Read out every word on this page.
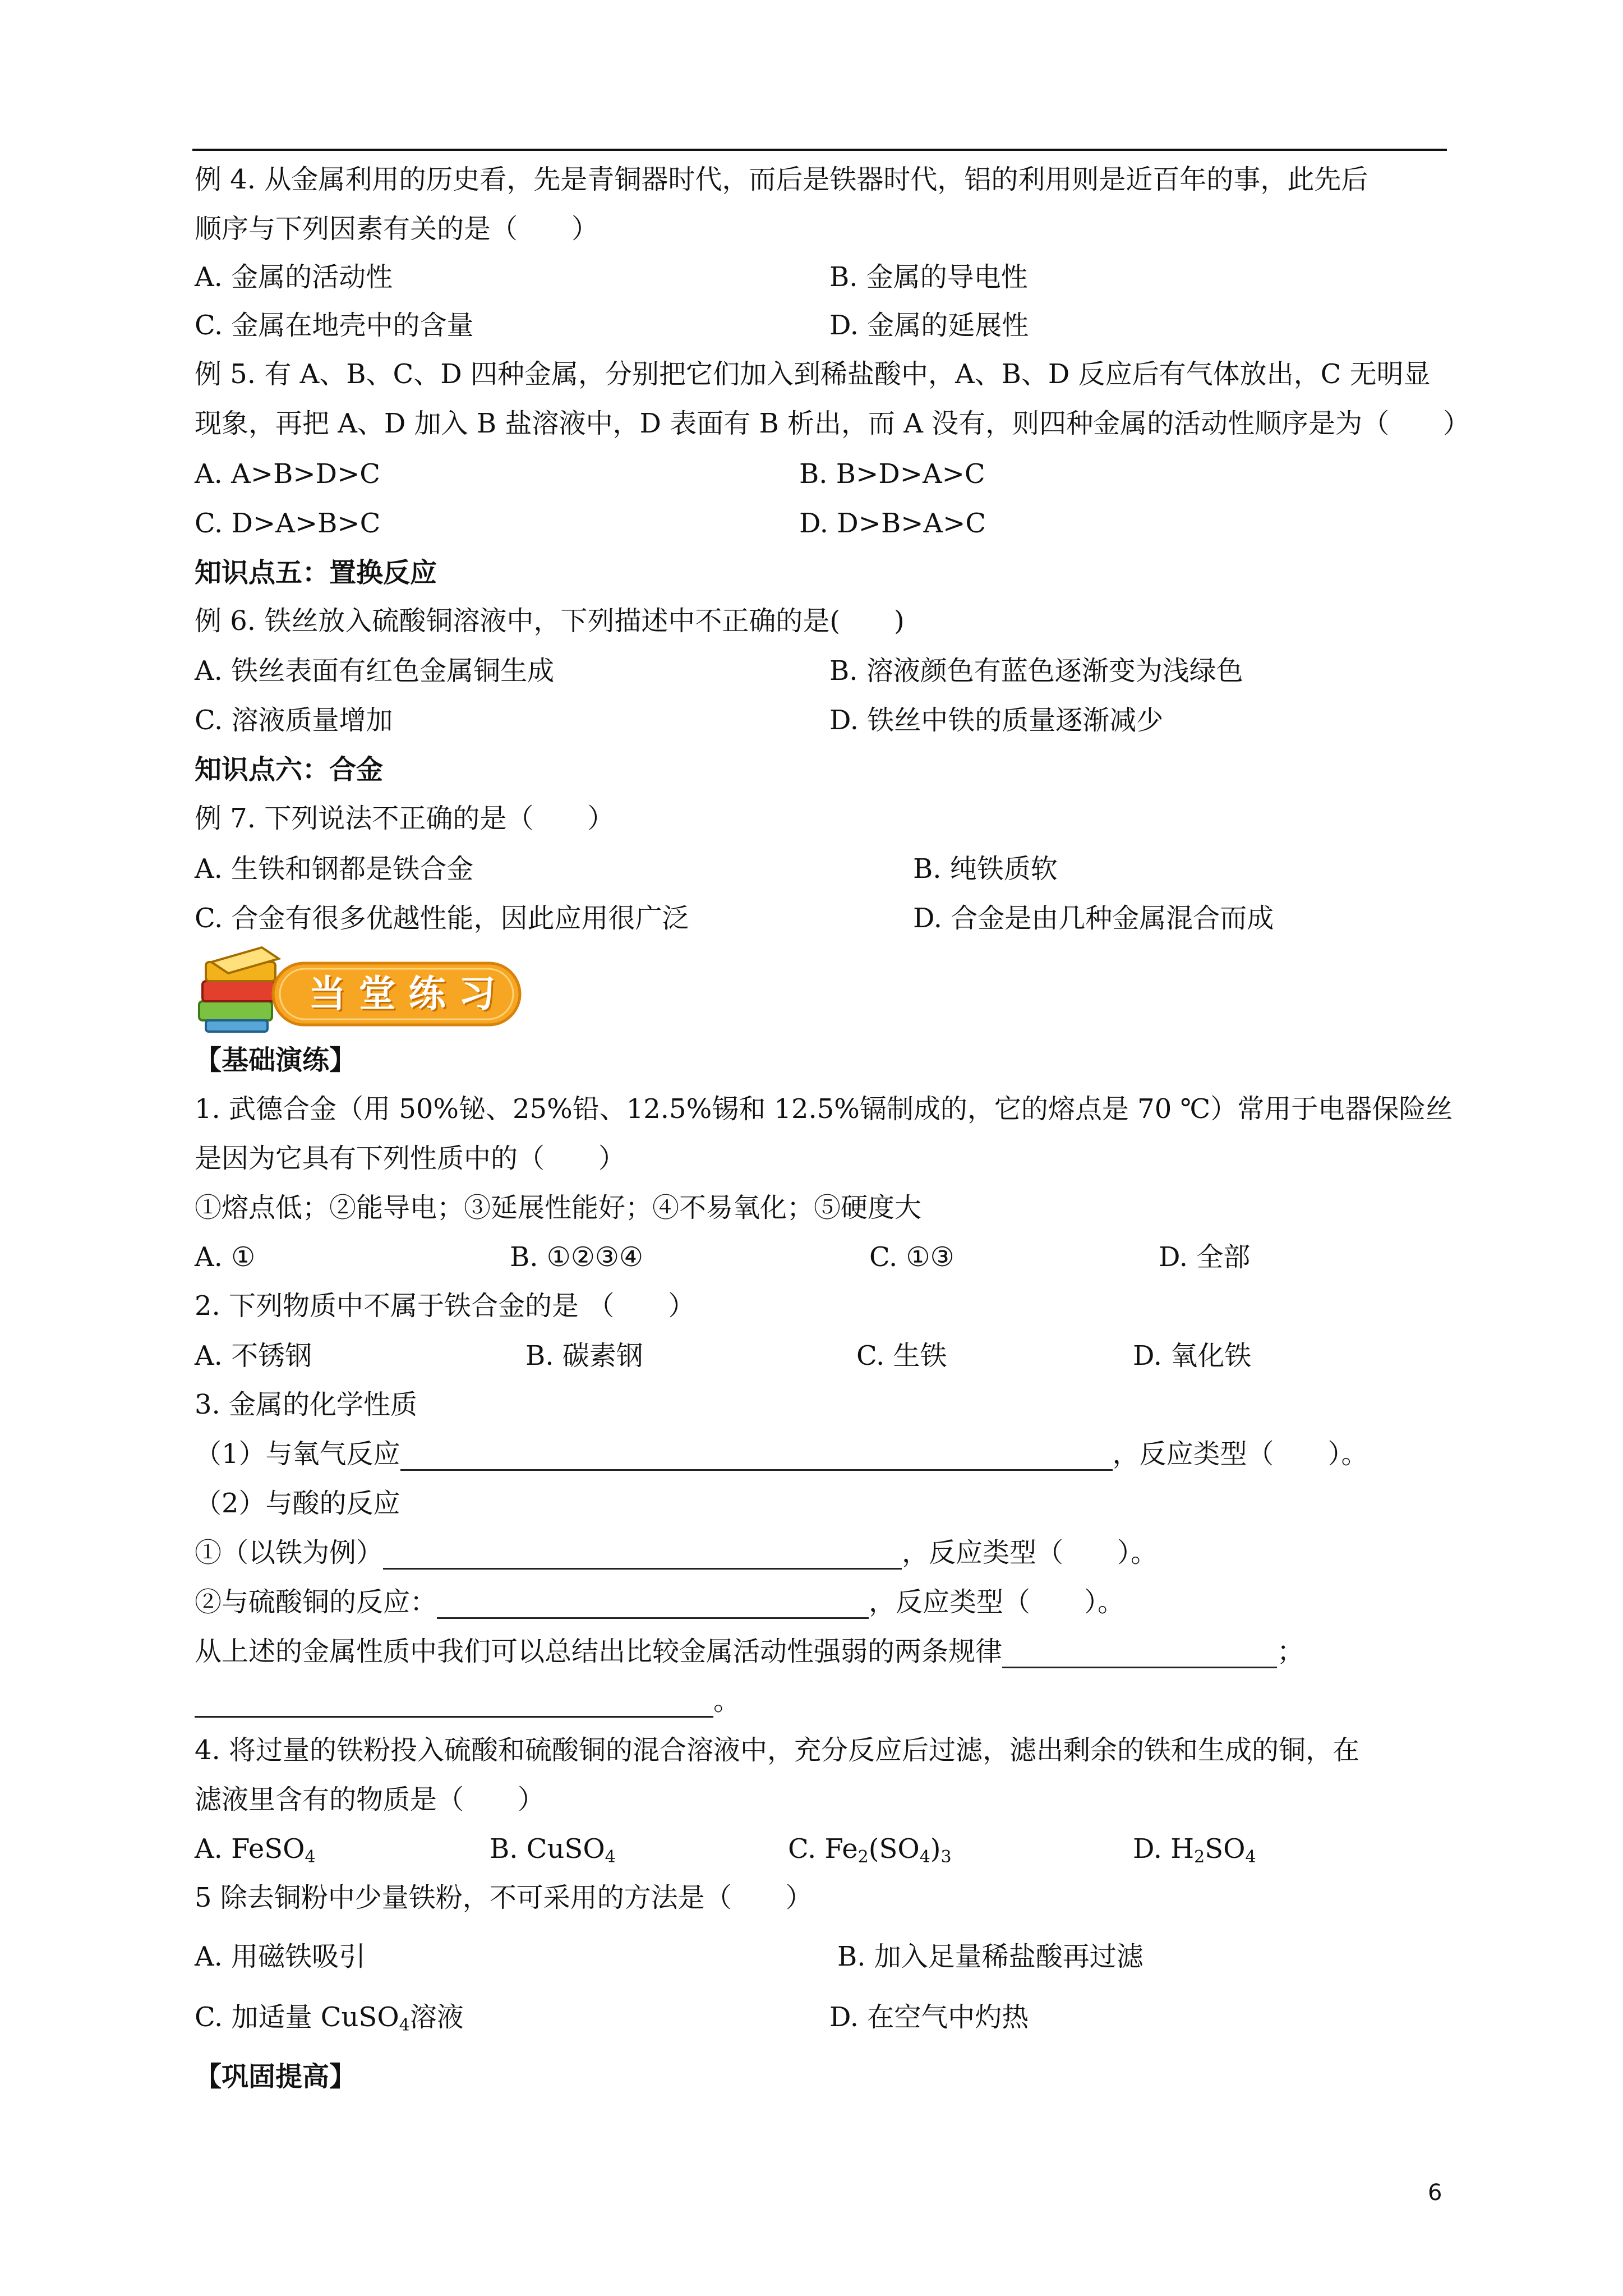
例 4. 从金属利用的历史看，先是青铜器时代，而后是铁器时代，铝的利用则是近百年的事，此先后
顺序与下列因素有关的是（　　）
A. 金属的活动性	B. 金属的导电性
C. 金属在地壳中的含量	D. 金属的延展性
例 5. 有 A、B、C、D 四种金属，分别把它们加入到稀盐酸中，A、B、D 反应后有气体放出，C 无明显
现象，再把 A、D 加入 B 盐溶液中，D 表面有 B 析出，而 A 没有，则四种金属的活动性顺序是为（　　）
A. A>B>D>C	B. B>D>A>C
C. D>A>B>C	D. D>B>A>C
知识点五：置换反应
例 6. 铁丝放入硫酸铜溶液中，下列描述中不正确的是(　　)
A. 铁丝表面有红色金属铜生成	B. 溶液颜色有蓝色逐渐变为浅绿色
C. 溶液质量增加	D. 铁丝中铁的质量逐渐减少
知识点六：合金
例 7. 下列说法不正确的是（　　）
A. 生铁和钢都是铁合金	B. 纯铁质软
C. 合金有很多优越性能，因此应用很广泛	D. 合金是由几种金属混合而成
当 堂 练 习
【基础演练】
1. 武德合金（用 50%铋、25%铅、12.5%锡和 12.5%镉制成的，它的熔点是 70 ℃）常用于电器保险丝
是因为它具有下列性质中的（　　）
①熔点低；②能导电；③延展性能好；④不易氧化；⑤硬度大
A. ①	B. ①②③④	C. ①③	D. 全部
2. 下列物质中不属于铁合金的是 （　　）
A. 不锈钢	B. 碳素钢	C. 生铁	D. 氧化铁
3. 金属的化学性质
（1）与氧气反应	，反应类型（　　）。
（2）与酸的反应
①（以铁为例）	，反应类型（　　）。
②与硫酸铜的反应：	，反应类型（　　）。
从上述的金属性质中我们可以总结出比较金属活动性强弱的两条规律	；
。
4. 将过量的铁粉投入硫酸和硫酸铜的混合溶液中，充分反应后过滤，滤出剩余的铁和生成的铜，在
滤液里含有的物质是（　　）
A. FeSO$_4$	B. CuSO$_4$	C. $Fe_2(SO_4)_3$	D. $H_2SO_4$
5 除去铜粉中少量铁粉，不可采用的方法是（　　）
A. 用磁铁吸引	B. 加入足量稀盐酸再过滤
C. 加适量 CuSO$_4$溶液	D. 在空气中灼热
【巩固提高】
6
